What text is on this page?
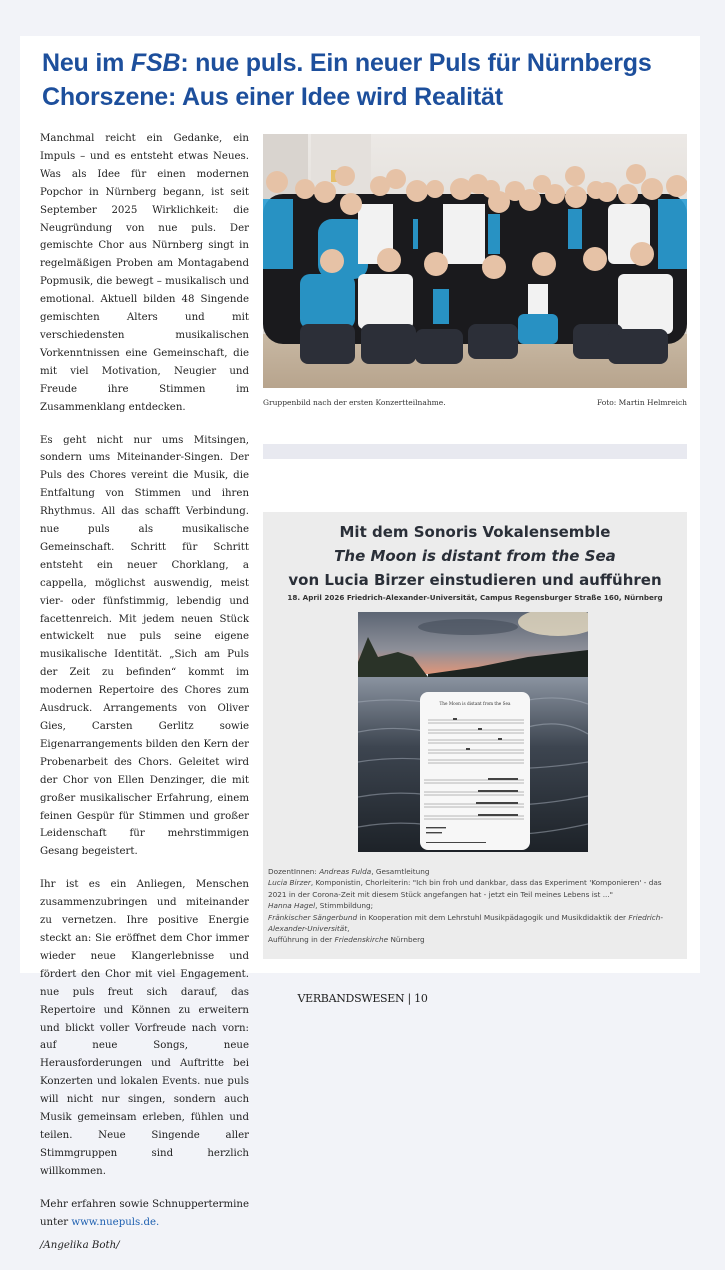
Neu im FSB: nue puls. Ein neuer Puls für Nürnbergs Chorszene: Aus einer Idee wird Realität

Manchmal reicht ein Gedanke, ein Impuls – und es entsteht etwas Neues. Was als Idee für einen modernen Popchor in Nürnberg begann, ist seit September 2025 Wirklichkeit: die Neugründung von nue puls. Der gemischte Chor aus Nürnberg singt in regelmäßigen Proben am Montagabend Popmusik, die bewegt – musikalisch und emotional. Aktuell bilden 48 Singende gemischten Alters und mit verschiedensten musikalischen Vorkenntnissen eine Gemeinschaft, die mit viel Motivation, Neugier und Freude ihre Stimmen im Zusammenklang entdecken.

Es geht nicht nur ums Mitsingen, sondern ums Miteinander-Singen. Der Puls des Chores vereint die Musik, die Entfaltung von Stimmen und ihren Rhythmus. All das schafft Verbindung. nue puls als musikalische Gemeinschaft. Schritt für Schritt entsteht ein neuer Chorklang, a cappella, möglichst auswendig, meist vier- oder fünfstimmig, lebendig und facettenreich. Mit jedem neuen Stück entwickelt nue puls seine eigene musikalische Identität. „Sich am Puls der Zeit zu befinden“ kommt im modernen Repertoire des Chores zum Ausdruck. Arrangements von Oliver Gies, Carsten Gerlitz sowie Eigenarrangements bilden den Kern der Probenarbeit des Chors. Geleitet wird der Chor von Ellen Denzinger, die mit großer musikalischer Erfahrung, einem feinen Gespür für Stimmen und großer Leidenschaft für mehrstimmigen Gesang begeistert.

Ihr ist es ein Anliegen, Menschen zusammenzubringen und miteinander zu vernetzen. Ihre positive Energie steckt an: Sie eröffnet dem Chor immer wieder neue Klangerlebnisse und fördert den Chor mit viel Engagement. nue puls freut sich darauf, das Repertoire und Können zu erweitern und blickt voller Vorfreude nach vorn: auf neue Songs, neue Herausforderungen und Auftritte bei Konzerten und lokalen Events. nue puls will nicht nur singen, sondern auch Musik gemeinsam erleben, fühlen und teilen. Neue Singende aller Stimmgruppen sind herzlich willkommen.

Mehr erfahren sowie Schnuppertermine unter www.nuepuls.de.

/Angelika Both/

Gruppenbild nach der ersten Konzertteilnahme.	Foto: Martin Helmreich
Mit dem Sonoris Vokalensemble
The Moon is distant from the Sea
von Lucia Birzer einstudieren und aufführen
18. April 2026 Friedrich-Alexander-Universität, Campus Regensburger Straße 160, Nürnberg
The Moon is distant from the Sea
DozentInnen: Andreas Fulda, Gesamtleitung
Lucia Birzer, Komponistin, Chorleiterin: "Ich bin froh und dankbar, dass das Experiment 'Komponieren' - das 2021 in der Corona-Zeit mit diesem Stück angefangen hat - jetzt ein Teil meines Lebens ist ..."
Hanna Hagel, Stimmbildung;
Fränkischer Sängerbund in Kooperation mit dem Lehrstuhl Musikpädagogik und Musikdidaktik der Friedrich-Alexander-Universität,
Aufführung in der Friedenskirche Nürnberg
VERBANDSWESEN | 10
